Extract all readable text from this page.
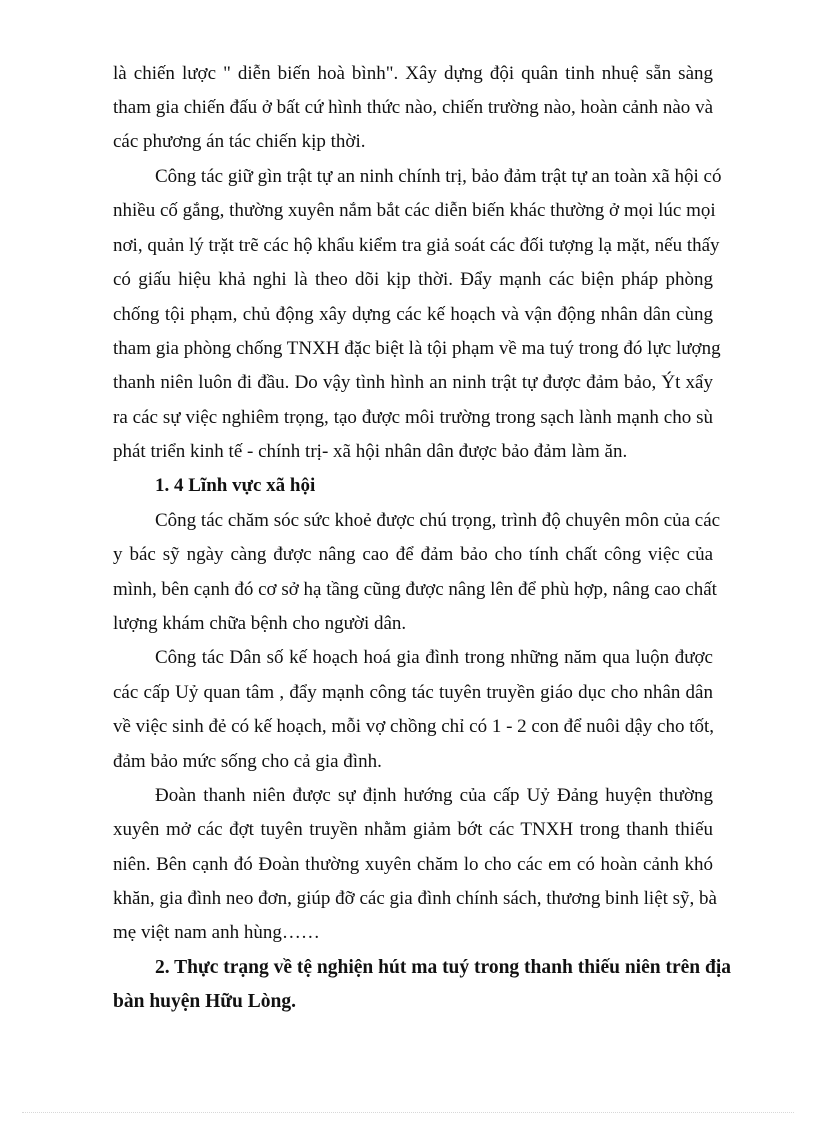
là chiến lược " diễn biến hoà bình". Xây dựng đội quân tinh nhuệ sẵn sàng
tham gia chiến đấu ở bất cứ hình thức nào, chiến trường nào, hoàn cảnh nào và
các phương án tác chiến kịp thời.
Công tác giữ gìn trật tự an ninh chính trị, bảo đảm trật tự an toàn xã hội có
nhiều cố gắng, thường xuyên nắm bắt các diễn biến khác thường ở mọi lúc mọi
nơi, quản lý trặt trẽ các hộ khẩu kiểm tra giả soát các đối tượng lạ mặt, nếu thấy
có giấu hiệu khả nghi là theo dõi kịp thời. Đẩy mạnh các biện pháp phòng
chống tội phạm, chủ động xây dựng các kế hoạch và vận động nhân dân cùng
tham gia phòng chống TNXH đặc biệt là tội phạm về ma tuý trong đó lực lượng
thanh niên luôn đi đầu. Do vậy tình hình an ninh trật tự được đảm bảo, Ýt xẩy
ra các sự việc nghiêm trọng, tạo được môi trường trong sạch lành mạnh cho sù
phát triển kinh tế - chính trị- xã hội nhân dân được bảo đảm làm ăn.
1. 4 Lĩnh vực xã hội
Công tác chăm sóc sức khoẻ được chú trọng, trình độ chuyên môn của các
y bác sỹ ngày càng được nâng cao để đảm bảo cho tính chất công việc của
mình, bên cạnh đó cơ sở hạ tầng cũng được nâng lên để phù hợp, nâng cao chất
lượng khám chữa bệnh cho người dân.
Công tác Dân số kế hoạch hoá gia đình trong những năm qua luộn được
các cấp Uỷ quan tâm , đẩy mạnh công tác tuyên truyền giáo dục cho nhân dân
về việc sinh đẻ có kế hoạch, mỗi vợ chồng chỉ có 1 - 2 con để nuôi dậy cho tốt,
đảm bảo mức sống cho cả gia đình.
Đoàn thanh niên được sự định hướng của cấp Uỷ Đảng huyện thường
xuyên mở các đợt tuyên truyền nhằm giảm bớt các TNXH trong thanh thiếu
niên. Bên cạnh đó Đoàn thường xuyên chăm lo cho các em có hoàn cảnh khó
khăn, gia đình neo đơn, giúp đỡ các gia đình chính sách, thương binh liệt sỹ, bà
mẹ việt nam anh hùng……
2. Thực trạng về tệ nghiện hút ma tuý trong thanh thiếu niên trên địa
bàn huyện Hữu Lòng.
